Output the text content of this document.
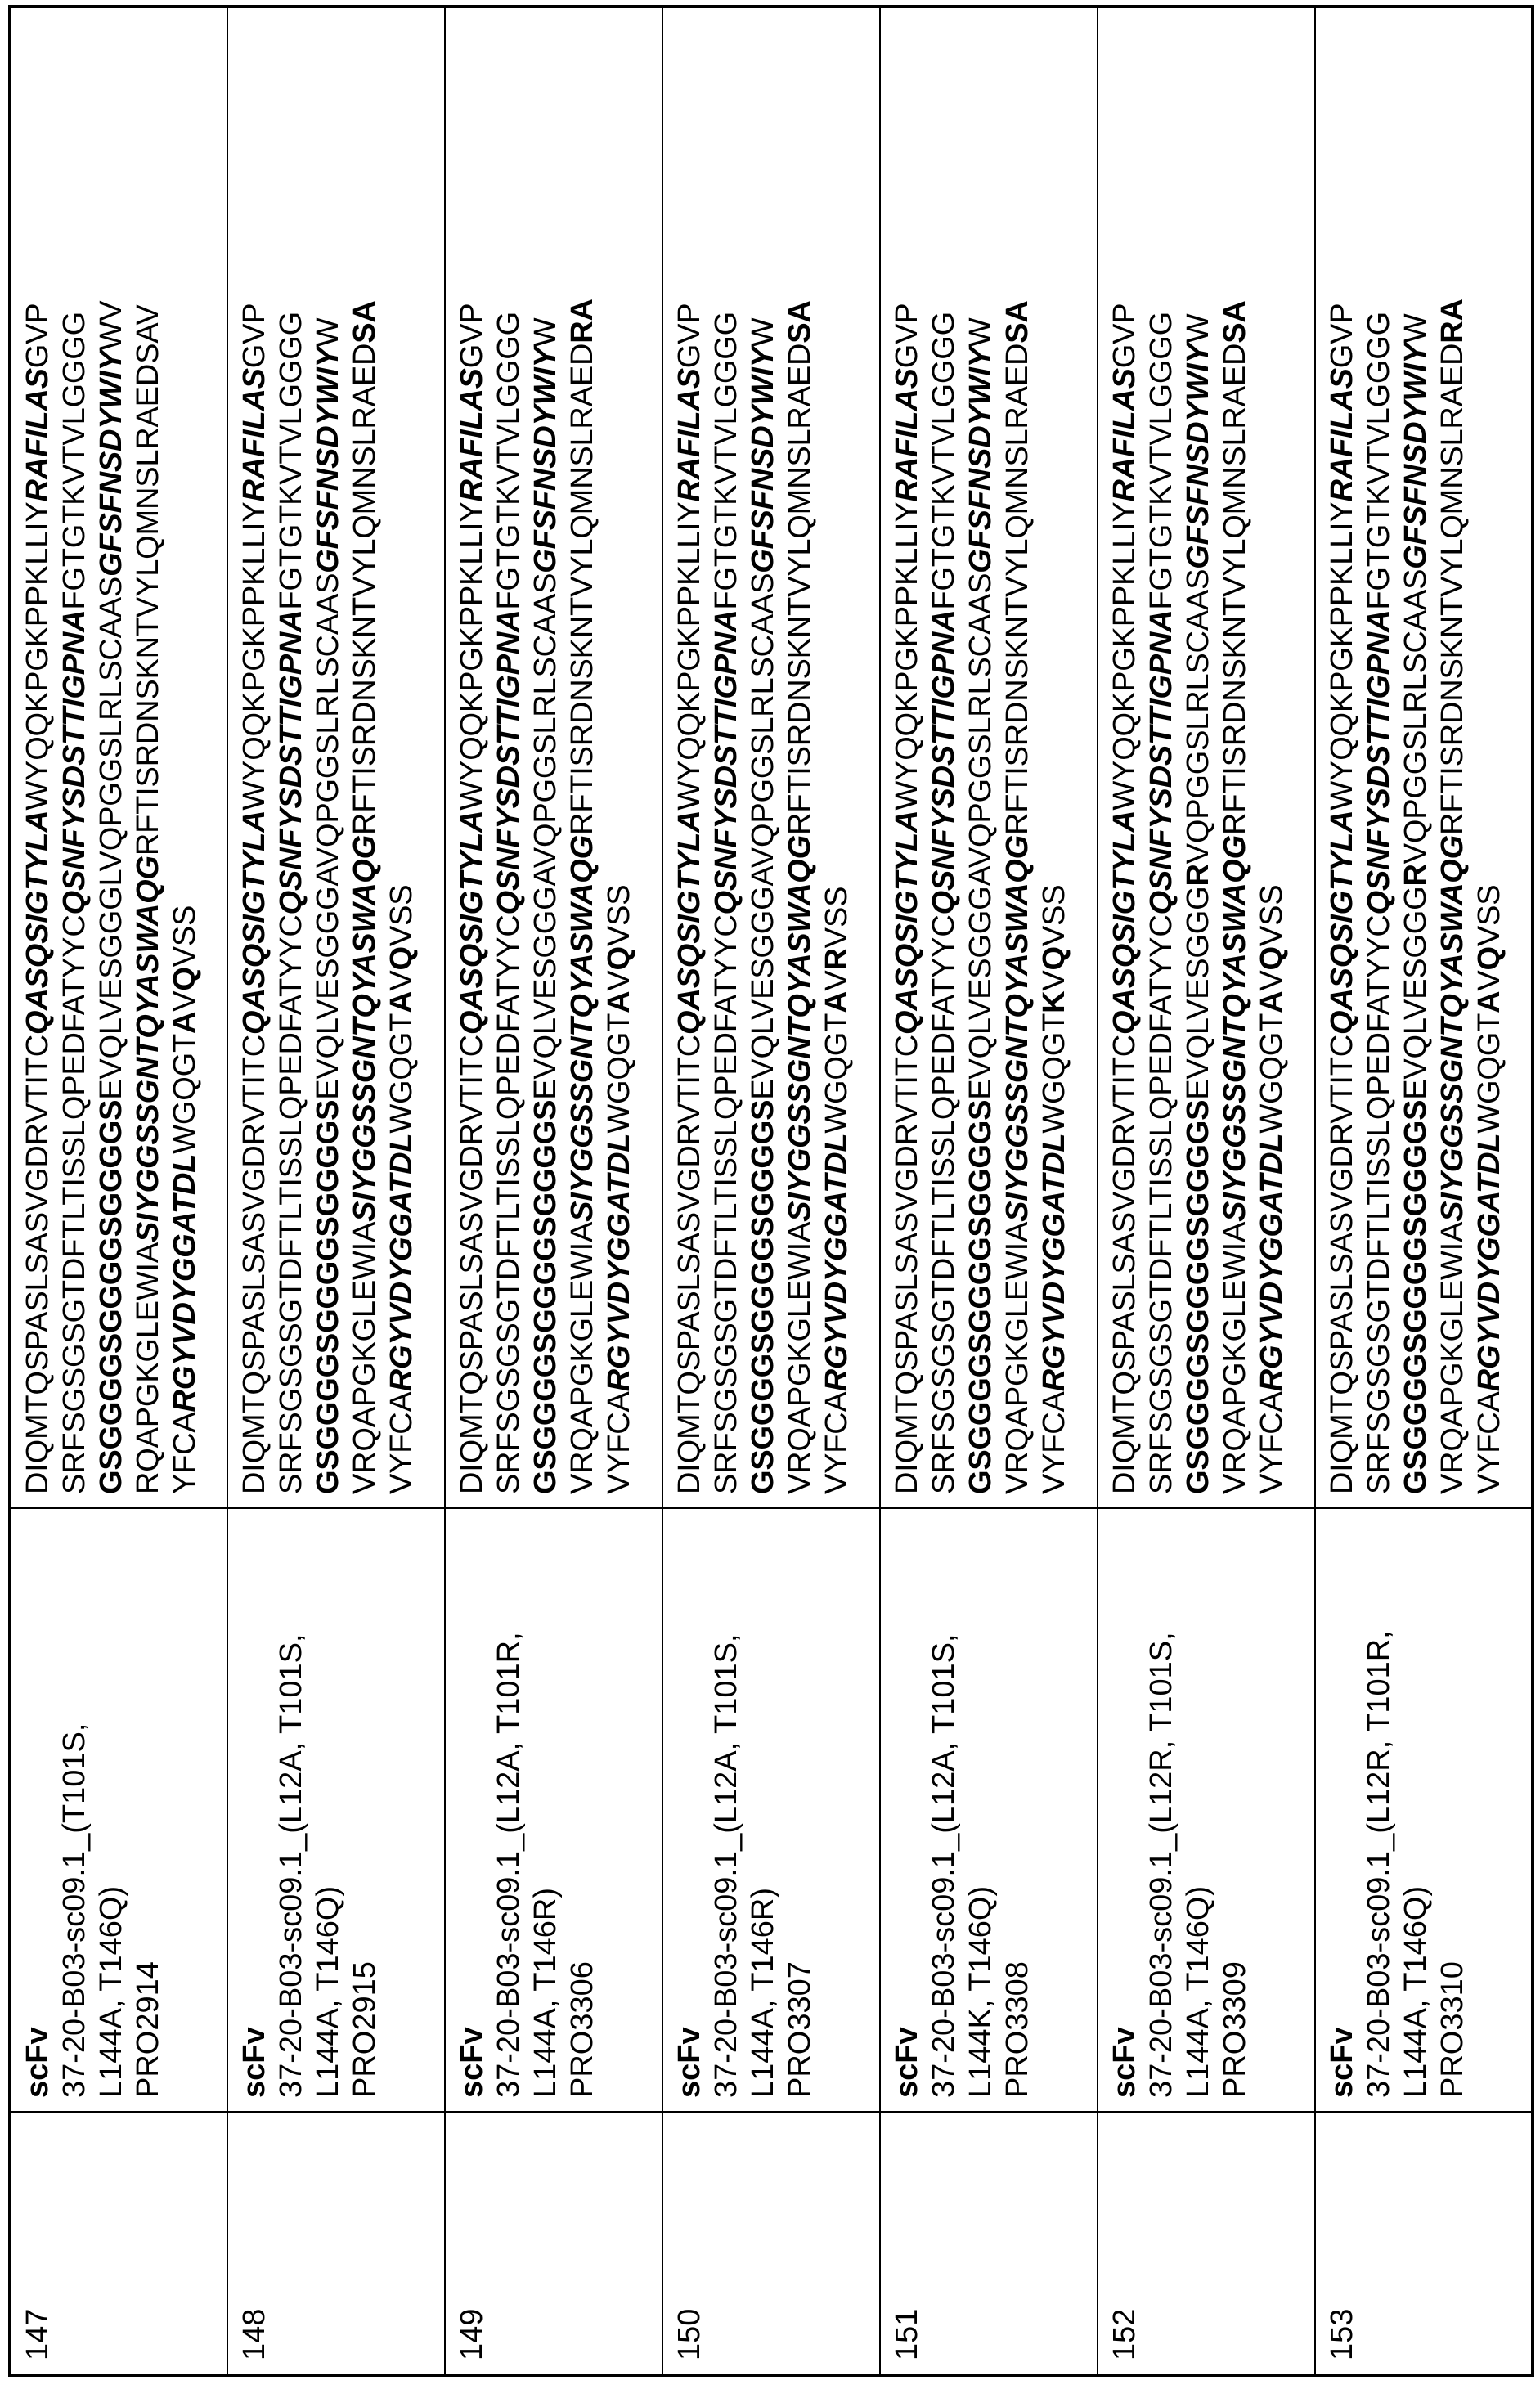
147	
scFv 37-20-B03-sc09.1_(T101S, L144A, T146Q) PRO2914

DIQMTQSPASLSASVGDRVTITCQASQSIGTYLAWYQQKPGKPPKLLIYRAFILASGVP
SRFSGSGSGTDFTLTISSLQPEDFATYYCQSNFYSDSTTIGPNAFGTGTKVTVLGGGG
GSGGGGSGGGGSGGGGSEVQLVESGGGLVQPGGSLRLSCAASGFSFNSDYWIYWV
RQAPGKGLEWIASIYGGSSGNTQYASWAQGRFTISRDNSKNTVYLQMNSLRAEDSAV
YFCARGYVDYGGATDLWGQGTAVQVSS

148	
scFv 37-20-B03-sc09.1_(L12A, T101S, L144A, T146Q) PRO2915

DIQMTQSPASLSASVGDRVTITCQASQSIGTYLAWYQQKPGKPPKLLIYRAFILASGVP
SRFSGSGSGTDFTLTISSLQPEDFATYYCQSNFYSDSTTIGPNAFGTGTKVTVLGGGG
GSGGGGSGGGGSGGGGSEVQLVESGGGAVQPGGSLRLSCAASGFSFNSDYWIYW
VRQAPGKGLEWIASIYGGSSGNTQYASWAQGRFTISRDNSKNTVYLQMNSLRAEDSA
VYFCARGYVDYGGATDLWGQGTAVQVSS

149	
scFv 37-20-B03-sc09.1_(L12A, T101R, L144A, T146R) PRO3306

DIQMTQSPASLSASVGDRVTITCQASQSIGTYLAWYQQKPGKPPKLLIYRAFILASGVP
SRFSGSGSGTDFTLTISSLQPEDFATYYCQSNFYSDSTTIGPNAFGTGTKVTVLGGGG
GSGGGGSGGGGSGGGGSEVQLVESGGGAVQPGGSLRLSCAASGFSFNSDYWIYW
VRQAPGKGLEWIASIYGGSSGNTQYASWAQGRFTISRDNSKNTVYLQMNSLRAEDRA
VYFCARGYVDYGGATDLWGQGTAVQVSS

150	
scFv 37-20-B03-sc09.1_(L12A, T101S, L144A, T146R) PRO3307

DIQMTQSPASLSASVGDRVTITCQASQSIGTYLAWYQQKPGKPPKLLIYRAFILASGVP
SRFSGSGSGTDFTLTISSLQPEDFATYYCQSNFYSDSTTIGPNAFGTGTKVTVLGGGG
GSGGGGSGGGGSGGGGSEVQLVESGGGAVQPGGSLRLSCAASGFSFNSDYWIYW
VRQAPGKGLEWIASIYGGSSGNTQYASWAQGRFTISRDNSKNTVYLQMNSLRAEDSA
VYFCARGYVDYGGATDLWGQGTAVRVSS

151	
scFv 37-20-B03-sc09.1_(L12A, T101S, L144K, T146Q) PRO3308

DIQMTQSPASLSASVGDRVTITCQASQSIGTYLAWYQQKPGKPPKLLIYRAFILASGVP
SRFSGSGSGTDFTLTISSLQPEDFATYYCQSNFYSDSTTIGPNAFGTGTKVTVLGGGG
GSGGGGSGGGGSGGGGSEVQLVESGGGAVQPGGSLRLSCAASGFSFNSDYWIYW
VRQAPGKGLEWIASIYGGSSGNTQYASWAQGRFTISRDNSKNTVYLQMNSLRAEDSA
VYFCARGYVDYGGATDLWGQGTKVQVSS

152	
scFv 37-20-B03-sc09.1_(L12R, T101S, L144A, T146Q) PRO3309

DIQMTQSPASLSASVGDRVTITCQASQSIGTYLAWYQQKPGKPPKLLIYRAFILASGVP
SRFSGSGSGTDFTLTISSLQPEDFATYYCQSNFYSDSTTIGPNAFGTGTKVTVLGGGG
GSGGGGSGGGGSGGGGSEVQLVESGGGRVQPGGSLRLSCAASGFSFNSDYWIYW
VRQAPGKGLEWIASIYGGSSGNTQYASWAQGRFTISRDNSKNTVYLQMNSLRAEDSA
VYFCARGYVDYGGATDLWGQGTAVQVSS

153	
scFv 37-20-B03-sc09.1_(L12R, T101R, L144A, T146Q) PRO3310

DIQMTQSPASLSASVGDRVTITCQASQSIGTYLAWYQQKPGKPPKLLIYRAFILASGVP
SRFSGSGSGTDFTLTISSLQPEDFATYYCQSNFYSDSTTIGPNAFGTGTKVTVLGGGG
GSGGGGSGGGGSGGGGSEVQLVESGGGRVQPGGSLRLSCAASGFSFNSDYWIYW
VRQAPGKGLEWIASIYGGSSGNTQYASWAQGRFTISRDNSKNTVYLQMNSLRAEDRA
VYFCARGYVDYGGATDLWGQGTAVQVSS
